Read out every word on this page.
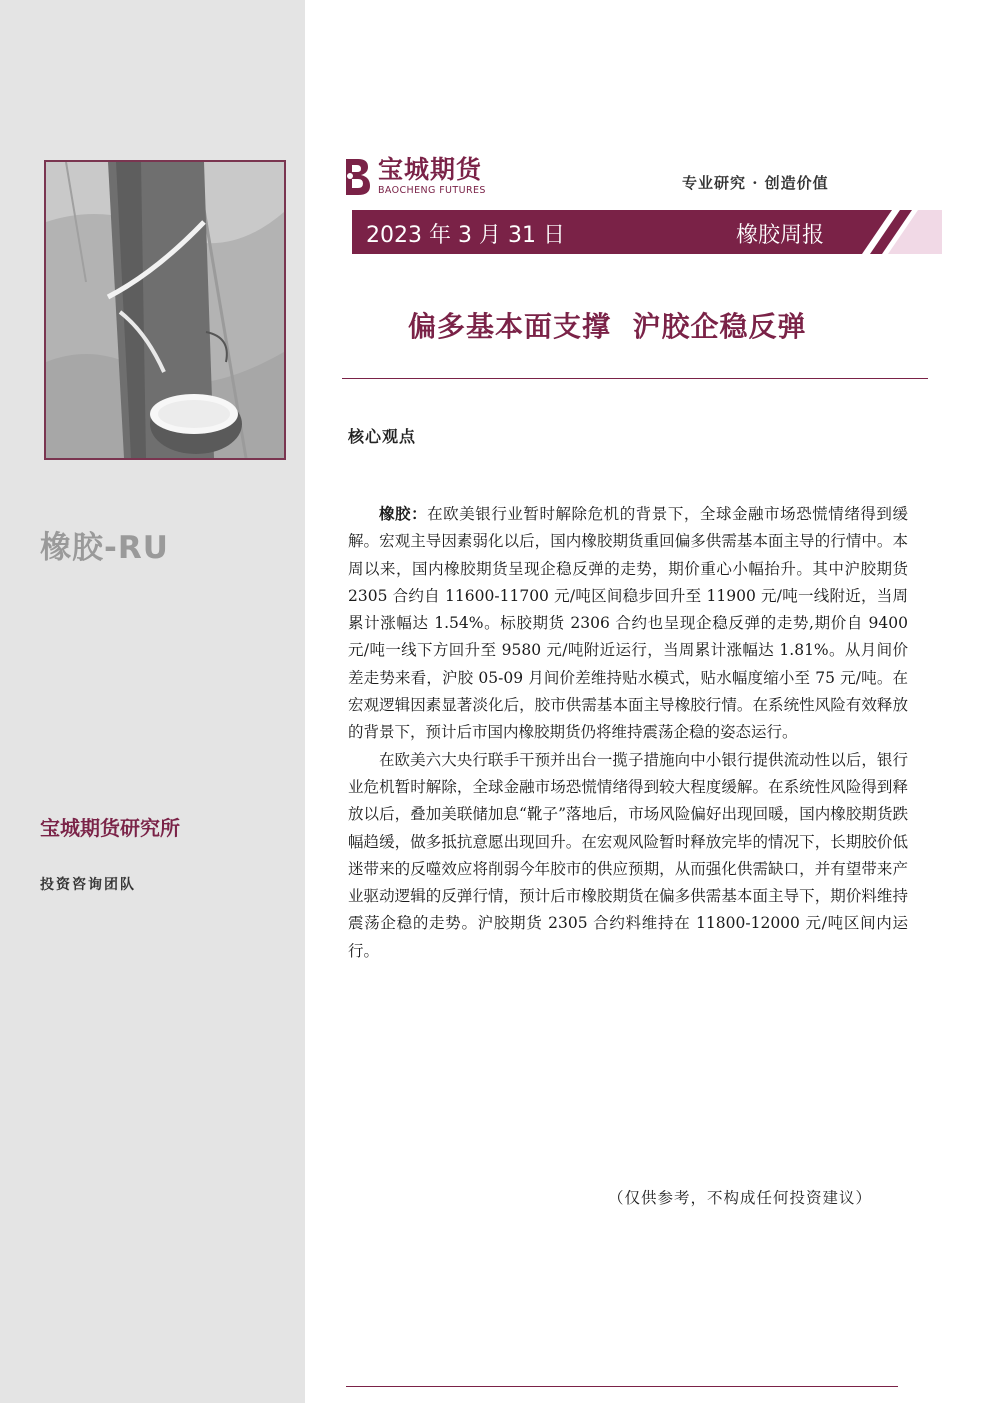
橡胶-RU
宝城期货研究所
投资咨询团队
宝城期货
BAOCHENG FUTURES	专业研究 · 创造价值
2023 年 3 月 31 日	橡胶周报
偏多基本面支撑  沪胶企稳反弹
核心观点

橡胶：在欧美银行业暂时解除危机的背景下，全球金融市场恐慌情绪得到缓解。宏观主导因素弱化以后，国内橡胶期货重回偏多供需基本面主导的行情中。本周以来，国内橡胶期货呈现企稳反弹的走势，期价重心小幅抬升。其中沪胶期货 2305 合约自 11600-11700 元/吨区间稳步回升至 11900 元/吨一线附近，当周累计涨幅达 1.54%。标胶期货 2306 合约也呈现企稳反弹的走势,期价自 9400 元/吨一线下方回升至 9580 元/吨附近运行，当周累计涨幅达 1.81%。从月间价差走势来看，沪胶 05-09 月间价差维持贴水模式，贴水幅度缩小至 75 元/吨。在宏观逻辑因素显著淡化后，胶市供需基本面主导橡胶行情。在系统性风险有效释放的背景下，预计后市国内橡胶期货仍将维持震荡企稳的姿态运行。

在欧美六大央行联手干预并出台一揽子措施向中小银行提供流动性以后，银行业危机暂时解除，全球金融市场恐慌情绪得到较大程度缓解。在系统性风险得到释放以后，叠加美联储加息“靴子”落地后，市场风险偏好出现回暖，国内橡胶期货跌幅趋缓，做多抵抗意愿出现回升。在宏观风险暂时释放完毕的情况下，长期胶价低迷带来的反噬效应将削弱今年胶市的供应预期，从而强化供需缺口，并有望带来产业驱动逻辑的反弹行情，预计后市橡胶期货在偏多供需基本面主导下，期价料维持震荡企稳的走势。沪胶期货 2305 合约料维持在 11800-12000 元/吨区间内运行。

（仅供参考，不构成任何投资建议）
